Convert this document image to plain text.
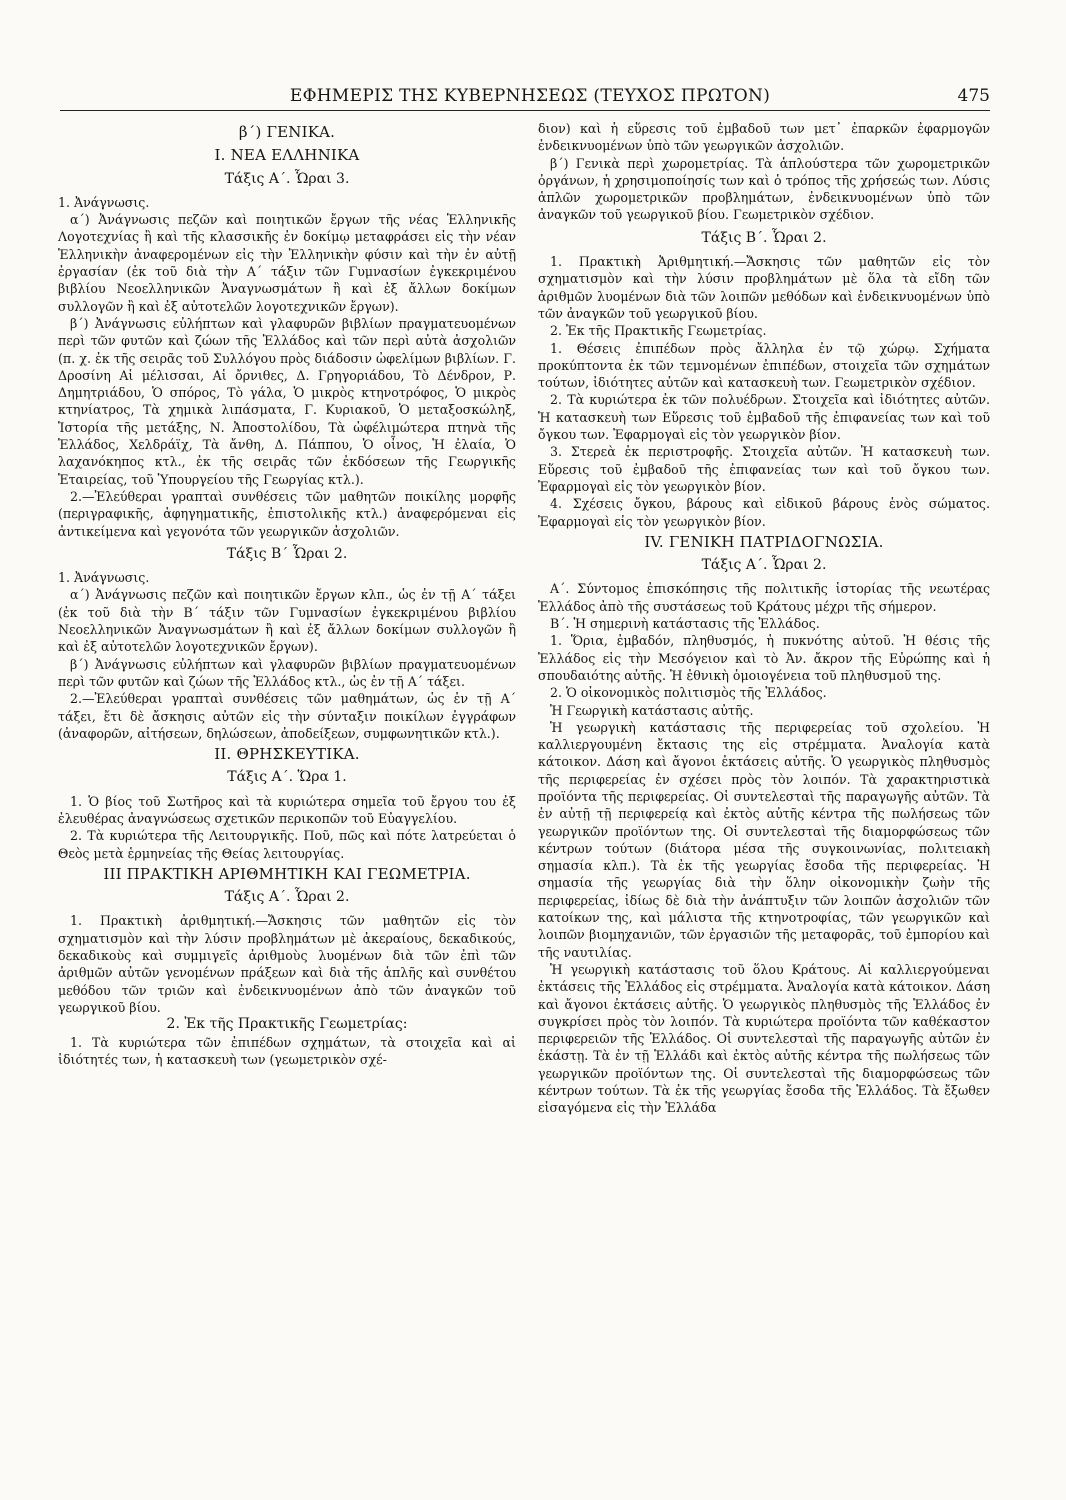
ΕΦΗΜΕΡΙΣ ΤΗΣ ΚΥΒΕΡΝΗΣΕΩΣ (ΤΕΥΧΟΣ ΠΡΩΤΟΝ)	475
β΄) ΓΕΝΙΚΑ.
Ι. ΝΕΑ ΕΛΛΗΝΙΚΑ
Τάξις Α΄. Ὧραι 3.

1. Ἀνάγνωσις.

α΄) Ἀνάγνωσις πεζῶν καὶ ποιητικῶν ἔργων τῆς νέας Ἑλληνικῆς Λογοτεχνίας ἢ καὶ τῆς κλασσικῆς ἐν δοκίμῳ μεταφράσει εἰς τὴν νέαν Ἑλληνικὴν ἀναφερομένων εἰς τὴν Ἑλληνικὴν φύσιν καὶ τὴν ἐν αὐτῇ ἐργασίαν (ἐκ τοῦ διὰ τὴν Α΄ τάξιν τῶν Γυμνασίων ἐγκεκριμένου βιβλίου Νεοελληνικῶν Ἀναγνωσμάτων ἢ καὶ ἐξ ἄλλων δοκίμων συλλογῶν ἢ καὶ ἐξ αὐτοτελῶν λογοτεχνικῶν ἔργων).

β΄) Ἀνάγνωσις εὐλήπτων καὶ γλαφυρῶν βιβλίων πραγματευομένων περὶ τῶν φυτῶν καὶ ζώων τῆς Ἑλλάδος καὶ τῶν περὶ αὐτὰ ἀσχολιῶν (π. χ. ἐκ τῆς σειρᾶς τοῦ Συλλόγου πρὸς διάδοσιν ὠφελίμων βιβλίων. Γ. Δροσίνη Αἱ μέλισσαι, Αἱ ὄρνιθες, Δ. Γρηγοριάδου, Τὸ Δένδρον, Ρ. Δημητριάδου, Ὁ σπόρος, Τὸ γάλα, Ὁ μικρὸς κτηνοτρόφος, Ὁ μικρὸς κτηνίατρος, Τὰ χημικὰ λιπάσματα, Γ. Κυριακοῦ, Ὁ μεταξοσκώληξ, Ἱστορία τῆς μετάξης, Ν. Ἀποστολίδου, Τὰ ὠφέλιμώτερα πτηνὰ τῆς Ἑλλάδος, Χελδράϊχ, Τὰ ἄνθη, Δ. Πάππου, Ὁ οἶνος, Ἡ ἐλαία, Ὁ λαχανόκηπος κτλ., ἐκ τῆς σειρᾶς τῶν ἐκδόσεων τῆς Γεωργικῆς Ἑταιρείας, τοῦ Ὑπουργείου τῆς Γεωργίας κτλ.).

2.—Ἐλεύθεραι γραπταὶ συνθέσεις τῶν μαθητῶν ποικίλης μορφῆς (περιγραφικῆς, ἀφηγηματικῆς, ἐπιστολικῆς κτλ.) ἀναφερόμεναι εἰς ἀντικείμενα καὶ γεγονότα τῶν γεωργικῶν ἀσχολιῶν.

Τάξις Β΄ Ὧραι 2.

1. Ἀνάγνωσις.

α΄) Ἀνάγνωσις πεζῶν καὶ ποιητικῶν ἔργων κλπ., ὡς ἐν τῇ Α΄ τάξει (ἐκ τοῦ διὰ τὴν Β΄ τάξιν τῶν Γυμνασίων ἐγκεκριμένου βιβλίου Νεοελληνικῶν Ἀναγνωσμάτων ἢ καὶ ἐξ ἄλλων δοκίμων συλλογῶν ἢ καὶ ἐξ αὐτοτελῶν λογοτεχνικῶν ἔργων).

β΄) Ἀνάγνωσις εὐλήπτων καὶ γλαφυρῶν βιβλίων πραγματευομένων περὶ τῶν φυτῶν καὶ ζώων τῆς Ἑλλάδος κτλ., ὡς ἐν τῇ Α΄ τάξει.

2.—Ἐλεύθεραι γραπταὶ συνθέσεις τῶν μαθημάτων, ὡς ἐν τῇ Α΄ τάξει, ἔτι δὲ ἄσκησις αὐτῶν εἰς τὴν σύνταξιν ποικίλων ἐγγράφων (ἀναφορῶν, αἰτήσεων, δηλώσεων, ἀποδείξεων, συμφωνητικῶν κτλ.).

ΙΙ. ΘΡΗΣΚΕΥΤΙΚΑ.
Τάξις Α΄. Ὥρα 1.

1. Ὁ βίος τοῦ Σωτῆρος καὶ τὰ κυριώτερα σημεῖα τοῦ ἔργου του ἐξ ἐλευθέρας ἀναγνώσεως σχετικῶν περικοπῶν τοῦ Εὐαγγελίου.

2. Τὰ κυριώτερα τῆς Λειτουργικῆς. Ποῦ, πῶς καὶ πότε λατρεύεται ὁ Θεὸς μετὰ ἑρμηνείας τῆς Θείας λειτουργίας.

ΙΙΙ ΠΡΑΚΤΙΚΗ ΑΡΙΘΜΗΤΙΚΗ ΚΑΙ ΓΕΩΜΕΤΡΙΑ.
Τάξις Α΄. Ὧραι 2.

1. Πρακτικὴ ἀριθμητική.—Ἄσκησις τῶν μαθητῶν εἰς τὸν σχηματισμὸν καὶ τὴν λύσιν προβλημάτων μὲ ἀκεραίους, δεκαδικούς, δεκαδικοὺς καὶ συμμιγεῖς ἀριθμοὺς λυομένων διὰ τῶν ἐπὶ τῶν ἀριθμῶν αὐτῶν γενομένων πράξεων καὶ διὰ τῆς ἁπλῆς καὶ συνθέτου μεθόδου τῶν τριῶν καὶ ἐνδεικνυομένων ἀπὸ τῶν ἀναγκῶν τοῦ γεωργικοῦ βίου.

2. Ἐκ τῆς Πρακτικῆς Γεωμετρίας:

1. Τὰ κυριώτερα τῶν ἐπιπέδων σχημάτων, τὰ στοιχεῖα καὶ αἱ ἰδιότητές των, ἡ κατασκευὴ των (γεωμετρικὸν σχέ-

διον) καὶ ἡ εὕρεσις τοῦ ἐμβαδοῦ των μετ᾿ ἐπαρκῶν ἐφαρμογῶν ἐνδεικνυομένων ὑπὸ τῶν γεωργικῶν ἀσχολιῶν.

β΄) Γενικὰ περὶ χωρομετρίας. Τὰ ἁπλούστερα τῶν χωρομετρικῶν ὀργάνων, ἡ χρησιμοποίησίς των καὶ ὁ τρόπος τῆς χρήσεώς των. Λύσις ἁπλῶν χωρομετρικῶν προβλημάτων, ἐνδεικνυομένων ὑπὸ τῶν ἀναγκῶν τοῦ γεωργικοῦ βίου. Γεωμετρικὸν σχέδιον.

Τάξις Β΄. Ὧραι 2.

1. Πρακτικὴ Ἀριθμητική.—Ἄσκησις τῶν μαθητῶν εἰς τὸν σχηματισμὸν καὶ τὴν λύσιν προβλημάτων μὲ ὅλα τὰ εἴδη τῶν ἀριθμῶν λυομένων διὰ τῶν λοιπῶν μεθόδων καὶ ἐνδεικνυομένων ὑπὸ τῶν ἀναγκῶν τοῦ γεωργικοῦ βίου.

2. Ἐκ τῆς Πρακτικῆς Γεωμετρίας.

1. Θέσεις ἐπιπέδων πρὸς ἄλληλα ἐν τῷ χώρῳ. Σχήματα προκύπτοντα ἐκ τῶν τεμνομένων ἐπιπέδων, στοιχεῖα τῶν σχημάτων τούτων, ἰδιότητες αὐτῶν καὶ κατασκευὴ των. Γεωμετρικὸν σχέδιον.

2. Τὰ κυριώτερα ἐκ τῶν πολυέδρων. Στοιχεῖα καὶ ἰδιότητες αὐτῶν. Ἡ κατασκευὴ των Εὕρεσις τοῦ ἐμβαδοῦ τῆς ἐπιφανείας των καὶ τοῦ ὄγκου των. Ἐφαρμογαὶ εἰς τὸν γεωργικὸν βίον.

3. Στερεὰ ἐκ περιστροφῆς. Στοιχεῖα αὐτῶν. Ἡ κατασκευὴ των. Εὕρεσις τοῦ ἐμβαδοῦ τῆς ἐπιφανείας των καὶ τοῦ ὄγκου των. Ἐφαρμογαὶ εἰς τὸν γεωργικὸν βίον.

4. Σχέσεις ὄγκου, βάρους καὶ εἰδικοῦ βάρους ἑνὸς σώματος. Ἐφαρμογαὶ εἰς τὸν γεωργικὸν βίον.

ΙV. ΓΕΝΙΚΗ ΠΑΤΡΙΔΟΓΝΩΣΙΑ.
Τάξις Α΄. Ὧραι 2.

Α΄. Σύντομος ἐπισκόπησις τῆς πολιτικῆς ἱστορίας τῆς νεωτέρας Ἑλλάδος ἀπὸ τῆς συστάσεως τοῦ Κράτους μέχρι τῆς σήμερον.

Β΄. Ἡ σημερινὴ κατάστασις τῆς Ἑλλάδος.

1. Ὅρια, ἐμβαδόν, πληθυσμός, ἡ πυκνότης αὐτοῦ. Ἡ θέσις τῆς Ἑλλάδος εἰς τὴν Μεσόγειον καὶ τὸ Ἀν. ἄκρον τῆς Εὐρώπης καὶ ἡ σπουδαιότης αὐτῆς. Ἡ ἐθνικὴ ὁμοιογένεια τοῦ πληθυσμοῦ της.

2. Ὁ οἰκονομικὸς πολιτισμὸς τῆς Ἑλλάδος.

Ἡ Γεωργικὴ κατάστασις αὐτῆς.

Ἡ γεωργικὴ κατάστασις τῆς περιφερείας τοῦ σχολείου. Ἡ καλλιεργουμένη ἔκτασις της εἰς στρέμματα. Ἀναλογία κατὰ κάτοικον. Δάση καὶ ἄγονοι ἐκτάσεις αὐτῆς. Ὁ γεωργικὸς πληθυσμὸς τῆς περιφερείας ἐν σχέσει πρὸς τὸν λοιπόν. Τὰ χαρακτηριστικὰ προϊόντα τῆς περιφερείας. Οἱ συντελεσταὶ τῆς παραγωγῆς αὐτῶν. Τὰ ἐν αὐτῇ τῇ περιφερείᾳ καὶ ἐκτὸς αὐτῆς κέντρα τῆς πωλήσεως τῶν γεωργικῶν προϊόντων της. Οἱ συντελεσταὶ τῆς διαμορφώσεως τῶν κέντρων τούτων (διάτορα μέσα τῆς συγκοινωνίας, πολιτειακὴ σημασία κλπ.). Τὰ ἐκ τῆς γεωργίας ἔσοδα τῆς περιφερείας. Ἡ σημασία τῆς γεωργίας διὰ τὴν ὅλην οἰκονομικὴν ζωὴν τῆς περιφερείας, ἰδίως δὲ διὰ τὴν ἀνάπτυξιν τῶν λοιπῶν ἀσχολιῶν τῶν κατοίκων της, καὶ μάλιστα τῆς κτηνοτροφίας, τῶν γεωργικῶν καὶ λοιπῶν βιομηχανιῶν, τῶν ἐργασιῶν τῆς μεταφορᾶς, τοῦ ἐμπορίου καὶ τῆς ναυτιλίας.

Ἡ γεωργικὴ κατάστασις τοῦ ὅλου Κράτους. Αἱ καλλιεργούμεναι ἐκτάσεις τῆς Ἑλλάδος εἰς στρέμματα. Ἀναλογία κατὰ κάτοικον. Δάση καὶ ἄγονοι ἐκτάσεις αὐτῆς. Ὁ γεωργικὸς πληθυσμὸς τῆς Ἑλλάδος ἐν συγκρίσει πρὸς τὸν λοιπόν. Τὰ κυριώτερα προϊόντα τῶν καθέκαστον περιφερειῶν τῆς Ἑλλάδος. Οἱ συντελεσταὶ τῆς παραγωγῆς αὐτῶν ἐν ἑκάστῃ. Τὰ ἐν τῇ Ἑλλάδι καὶ ἐκτὸς αὐτῆς κέντρα τῆς πωλήσεως τῶν γεωργικῶν προϊόντων της. Οἱ συντελεσταὶ τῆς διαμορφώσεως τῶν κέντρων τούτων. Τὰ ἐκ τῆς γεωργίας ἔσοδα τῆς Ἑλλάδος. Τὰ ἔξωθεν εἰσαγόμενα εἰς τὴν Ἑλλάδα
